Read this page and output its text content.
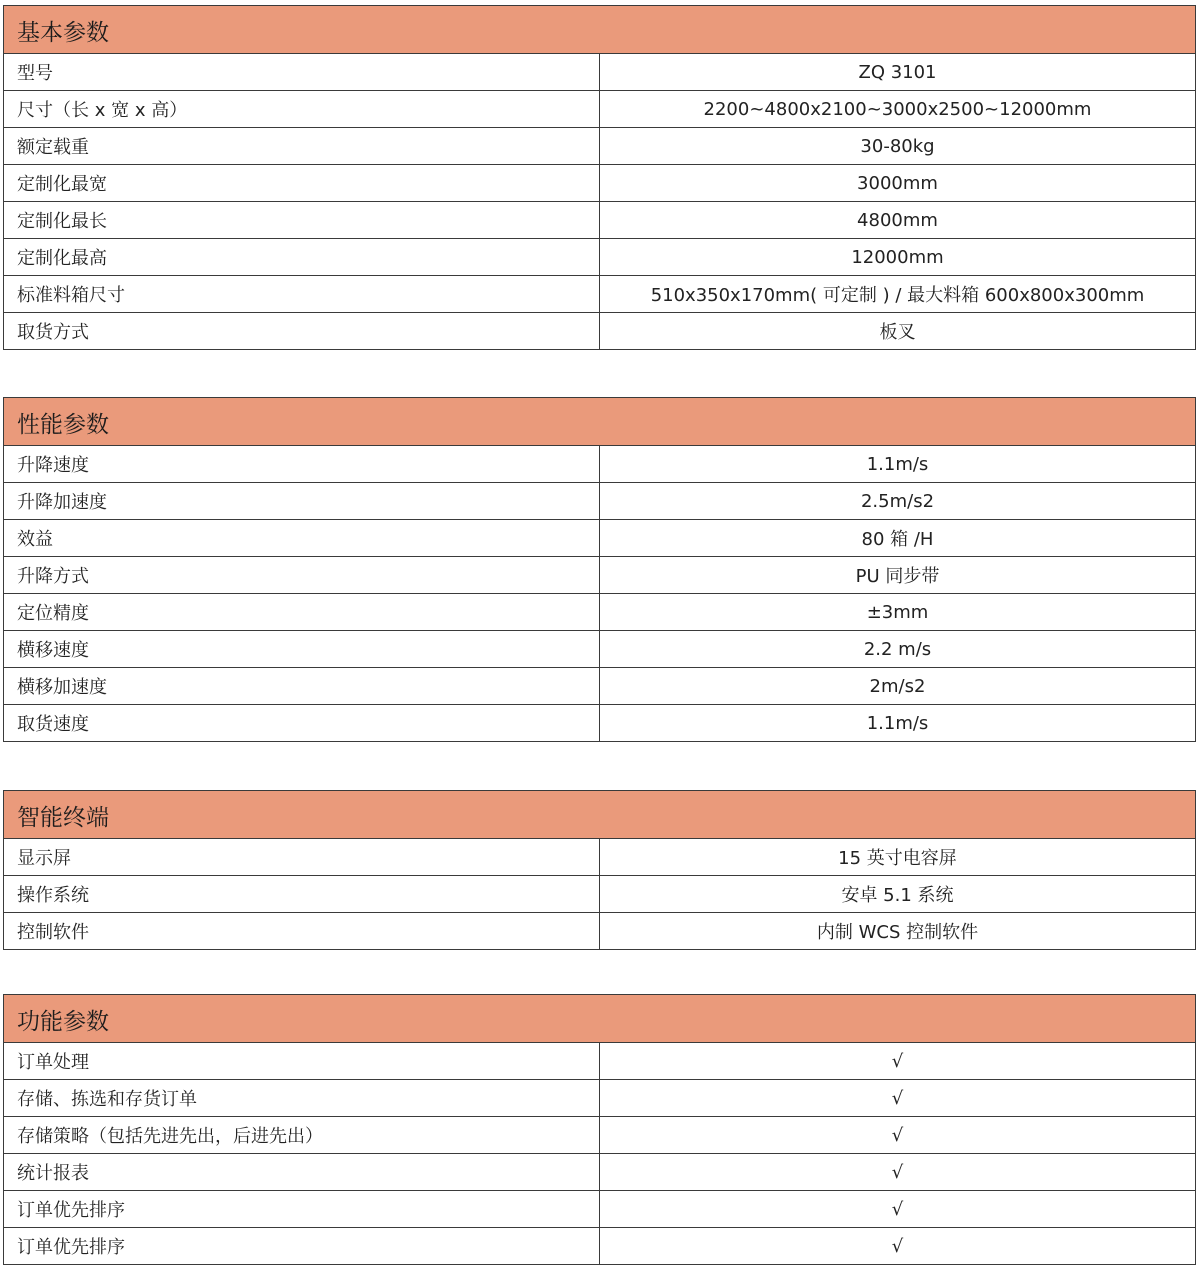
基本参数	
型号	ZQ 3101
尺寸（长 x 宽 x 高）	2200~4800x2100~3000x2500~12000mm
额定载重	30-80kg
定制化最宽	3000mm
定制化最长	4800mm
定制化最高	12000mm
标准料箱尺寸	510x350x170mm( 可定制 ) / 最大料箱 600x800x300mm
取货方式	板叉
性能参数	
升降速度	1.1m/s
升降加速度	2.5m/s2
效益	80 箱 /H
升降方式	PU 同步带
定位精度	±3mm
横移速度	2.2 m/s
横移加速度	2m/s2
取货速度	1.1m/s
智能终端	
显示屏	15 英寸电容屏
操作系统	安卓 5.1 系统
控制软件	内制 WCS 控制软件
功能参数	
订单处理	√
存储、拣选和存货订单	√
存储策略（包括先进先出，后进先出）	√
统计报表	√
订单优先排序	√
订单优先排序	√
